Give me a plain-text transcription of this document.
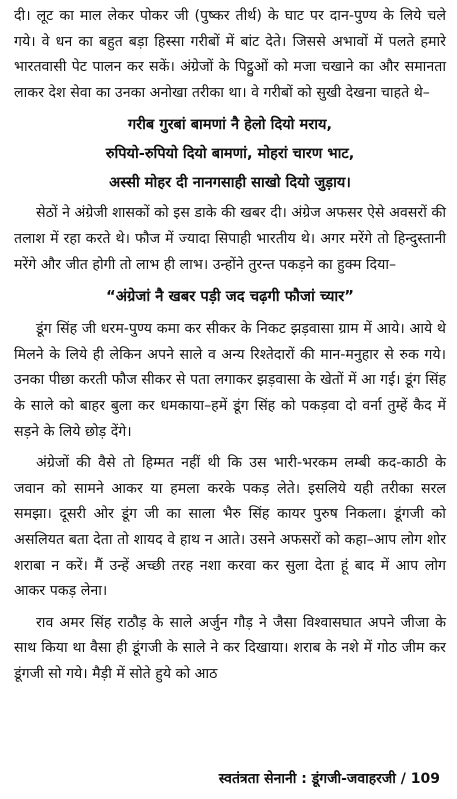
दी। लूट का माल लेकर पोकर जी (पुष्कर तीर्थ) के घाट पर दान-पुण्य के लिये चले गये। वे धन का बहुत बड़ा हिस्सा गरीबों में बांट देते। जिससे अभावों में पलते हमारे भारतवासी पेट पालन कर सकें। अंग्रेजों के पिट्ठुओं को मजा चखाने का और समानता लाकर देश सेवा का उनका अनोखा तरीका था। वे गरीबों को सुखी देखना चाहते थे–

गरीब गुरबां बामणां नै हेलो दियो मराय,
रुपियो-रुपियो दियो बामणां, मोहरां चारण भाट,
अस्सी मोहर दी नानगसाही साखो दियो जुड़ाय।

सेठों ने अंग्रेजी शासकों को इस डाके की खबर दी। अंग्रेज अफसर ऐसे अवसरों की तलाश में रहा करते थे। फौज में ज्यादा सिपाही भारतीय थे। अगर मरेंगे तो हिन्दुस्तानी मरेंगे और जीत होगी तो लाभ ही लाभ। उन्होंने तुरन्त पकड़ने का हुक्म दिया–

“अंग्रेजां नै खबर पड़ी जद चढ़गी फौजां च्यार”

डूंग सिंह जी धरम-पुण्य कमा कर सीकर के निकट झड़वासा ग्राम में आये। आये थे मिलने के लिये ही लेकिन अपने साले व अन्य रिश्तेदारों की मान-मनुहार से रुक गये। उनका पीछा करती फौज सीकर से पता लगाकर झड़वासा के खेतों में आ गई। डूंग सिंह के साले को बाहर बुला कर धमकाया–हमें डूंग सिंह को पकड़वा दो वर्ना तुम्हें कैद में सड़ने के लिये छोड़ देंगे।

अंग्रेजों की वैसे तो हिम्मत नहीं थी कि उस भारी-भरकम लम्बी कद-काठी के जवान को सामने आकर या हमला करके पकड़ लेते। इसलिये यही तरीका सरल समझा। दूसरी ओर डूंग जी का साला भैरु सिंह कायर पुरुष निकला। डूंगजी को असलियत बता देता तो शायद वे हाथ न आते। उसने अफसरों को कहा–आप लोग शोर शराबा न करें। मैं उन्हें अच्छी तरह नशा करवा कर सुला देता हूं बाद में आप लोग आकर पकड़ लेना।

राव अमर सिंह राठौड़ के साले अर्जुन गौड़ ने जैसा विश्वासघात अपने जीजा के साथ किया था वैसा ही डूंगजी के साले ने कर दिखाया। शराब के नशे में गोठ जीम कर डूंगजी सो गये। मैड़ी में सोते हुये को आठ

स्वतंत्रता सेनानी : डूंगजी-जवाहरजी / 109
